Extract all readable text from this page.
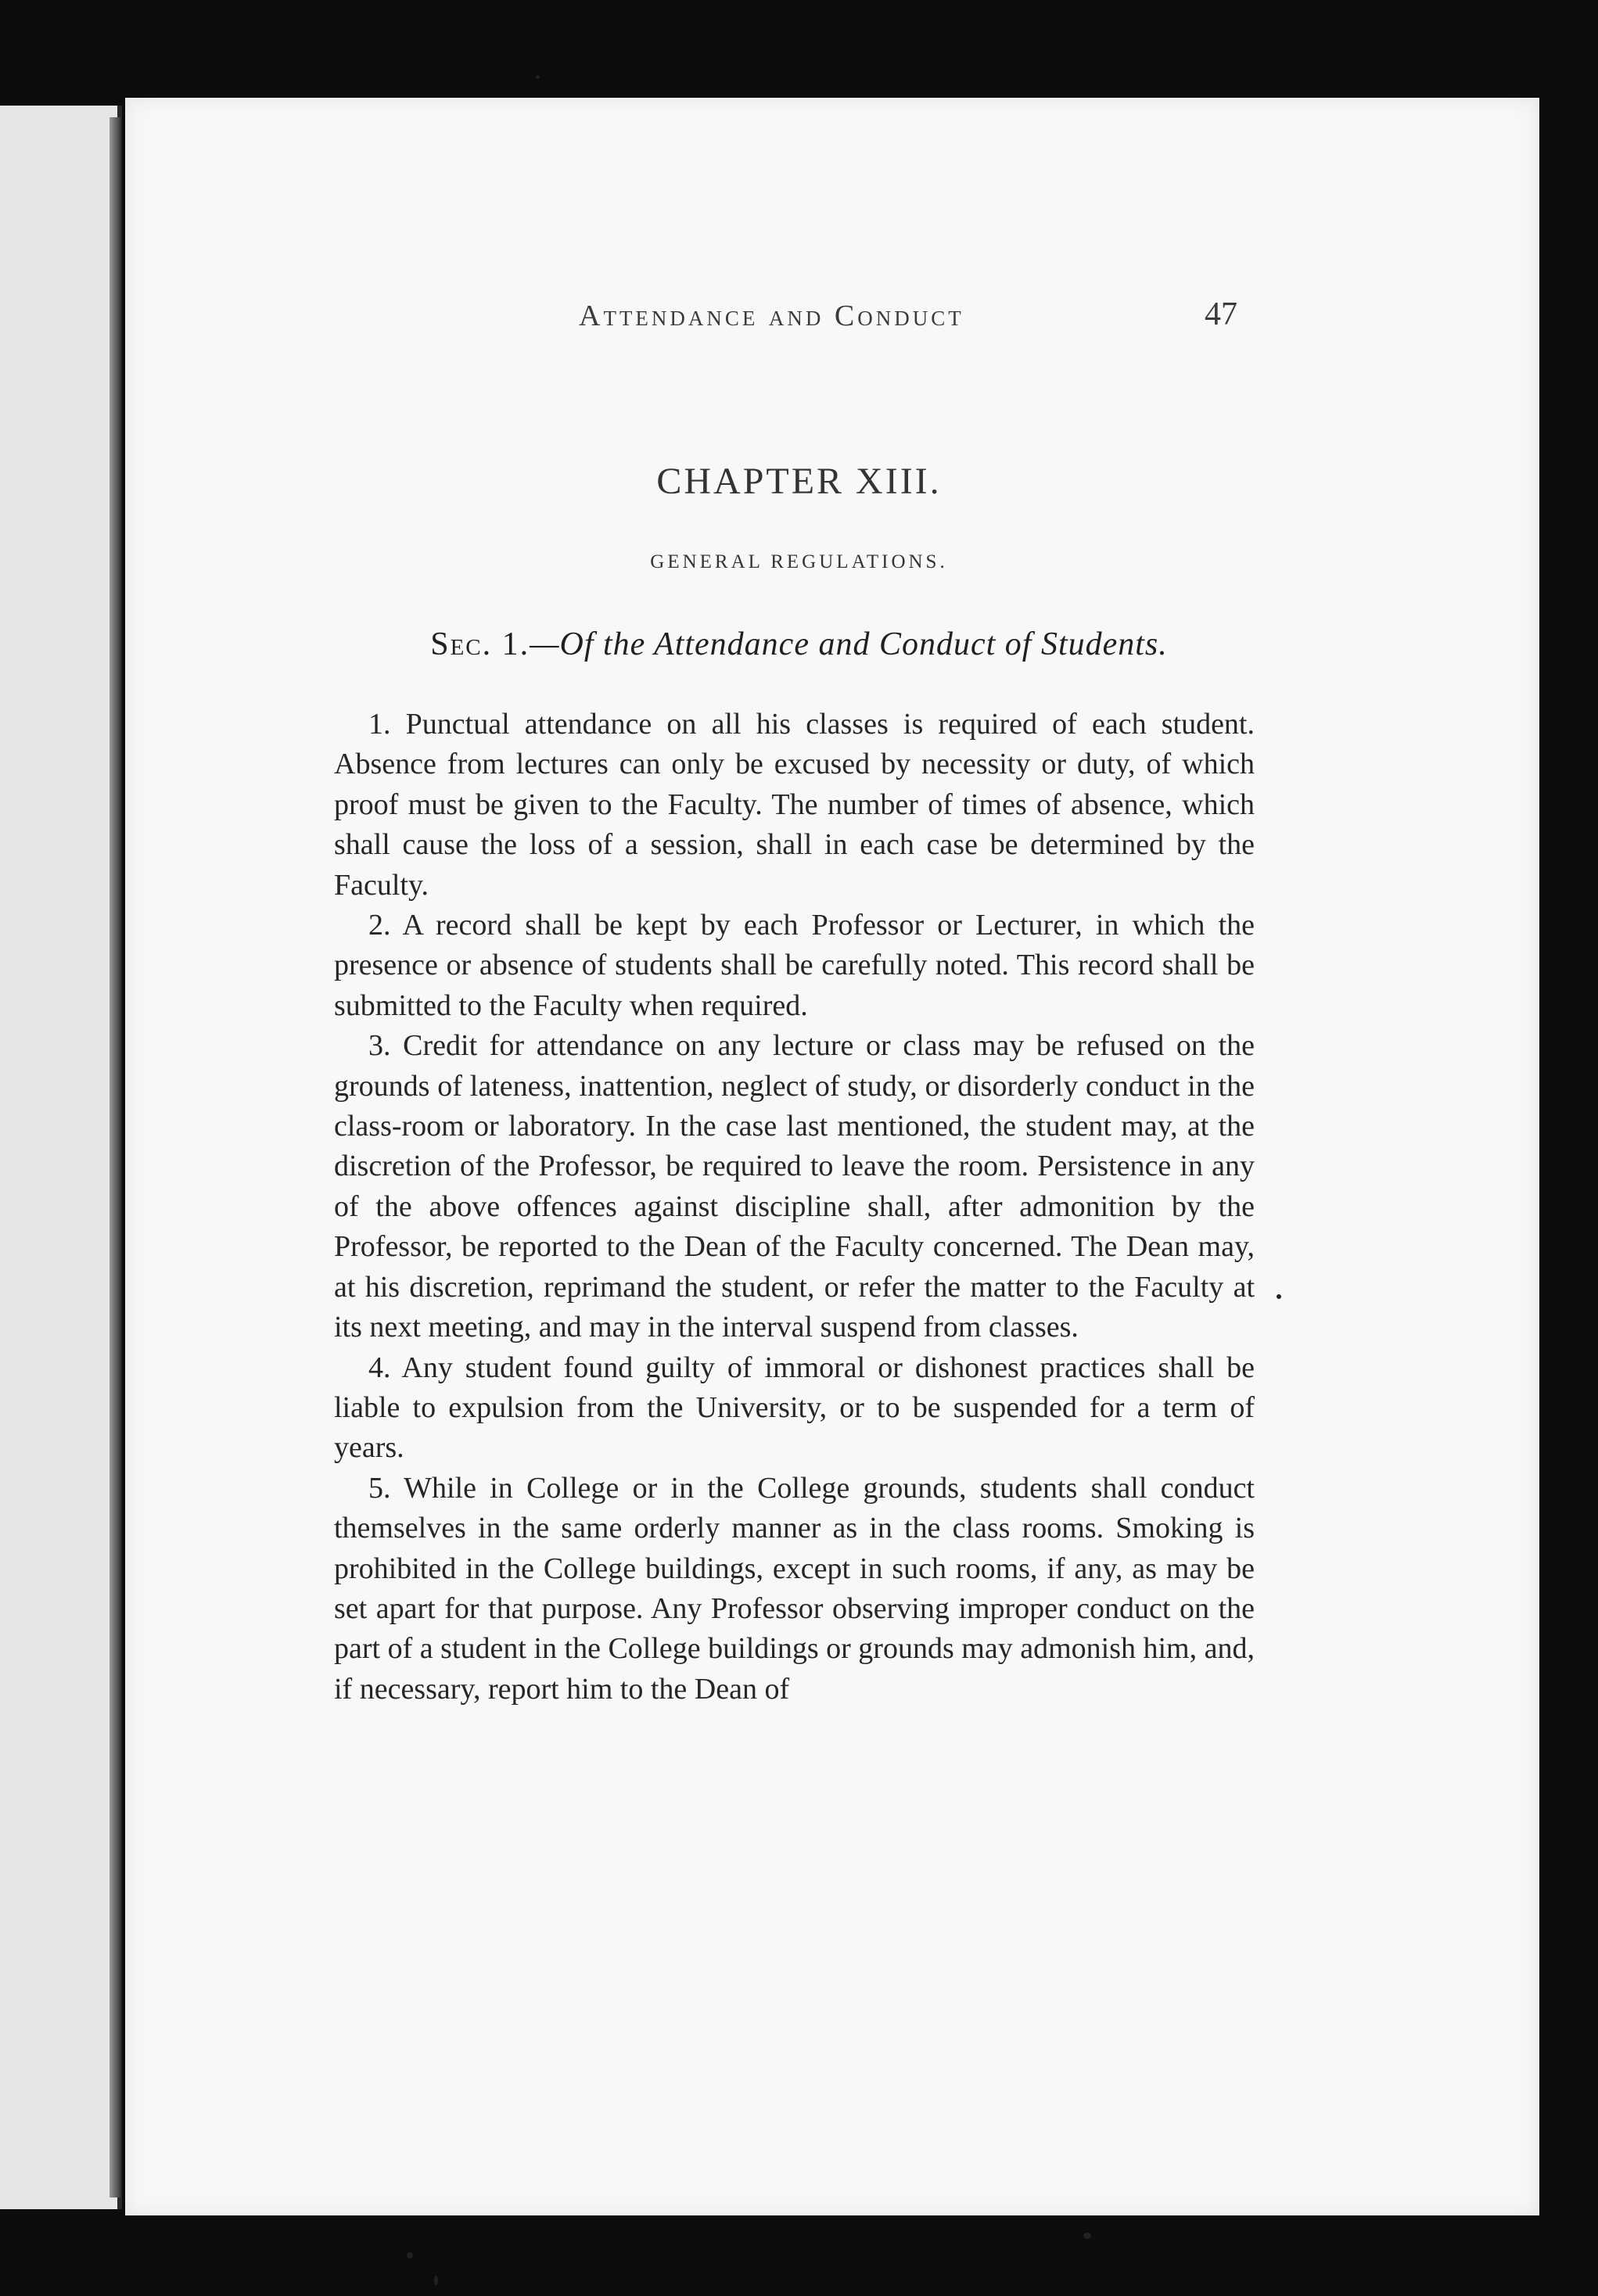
Attendance and Conduct	47
CHAPTER XIII.
GENERAL REGULATIONS.
Sec. 1.—Of the Attendance and Conduct of Students.

1. Punctual attendance on all his classes is required of each student. Absence from lectures can only be excused by necessity or duty, of which proof must be given to the Faculty. The number of times of absence, which shall cause the loss of a session, shall in each case be determined by the Faculty.

2. A record shall be kept by each Professor or Lecturer, in which the presence or absence of students shall be carefully noted. This record shall be submitted to the Faculty when required.

3. Credit for attendance on any lecture or class may be refused on the grounds of lateness, inattention, neglect of study, or disorderly conduct in the class-room or laboratory. In the case last mentioned, the student may, at the discretion of the Professor, be required to leave the room. Persistence in any of the above offences against discipline shall, after admonition by the Professor, be reported to the Dean of the Faculty concerned. The Dean may, at his discretion, reprimand the student, or refer the matter to the Faculty at its next meeting, and may in the interval suspend from classes.

4. Any student found guilty of immoral or dishonest practices shall be liable to expulsion from the University, or to be suspended for a term of years.

5. While in College or in the College grounds, students shall conduct themselves in the same orderly manner as in the class rooms. Smoking is prohibited in the College buildings, except in such rooms, if any, as may be set apart for that purpose. Any Professor observing improper conduct on the part of a student in the College buildings or grounds may admonish him, and, if necessary, report him to the Dean of
